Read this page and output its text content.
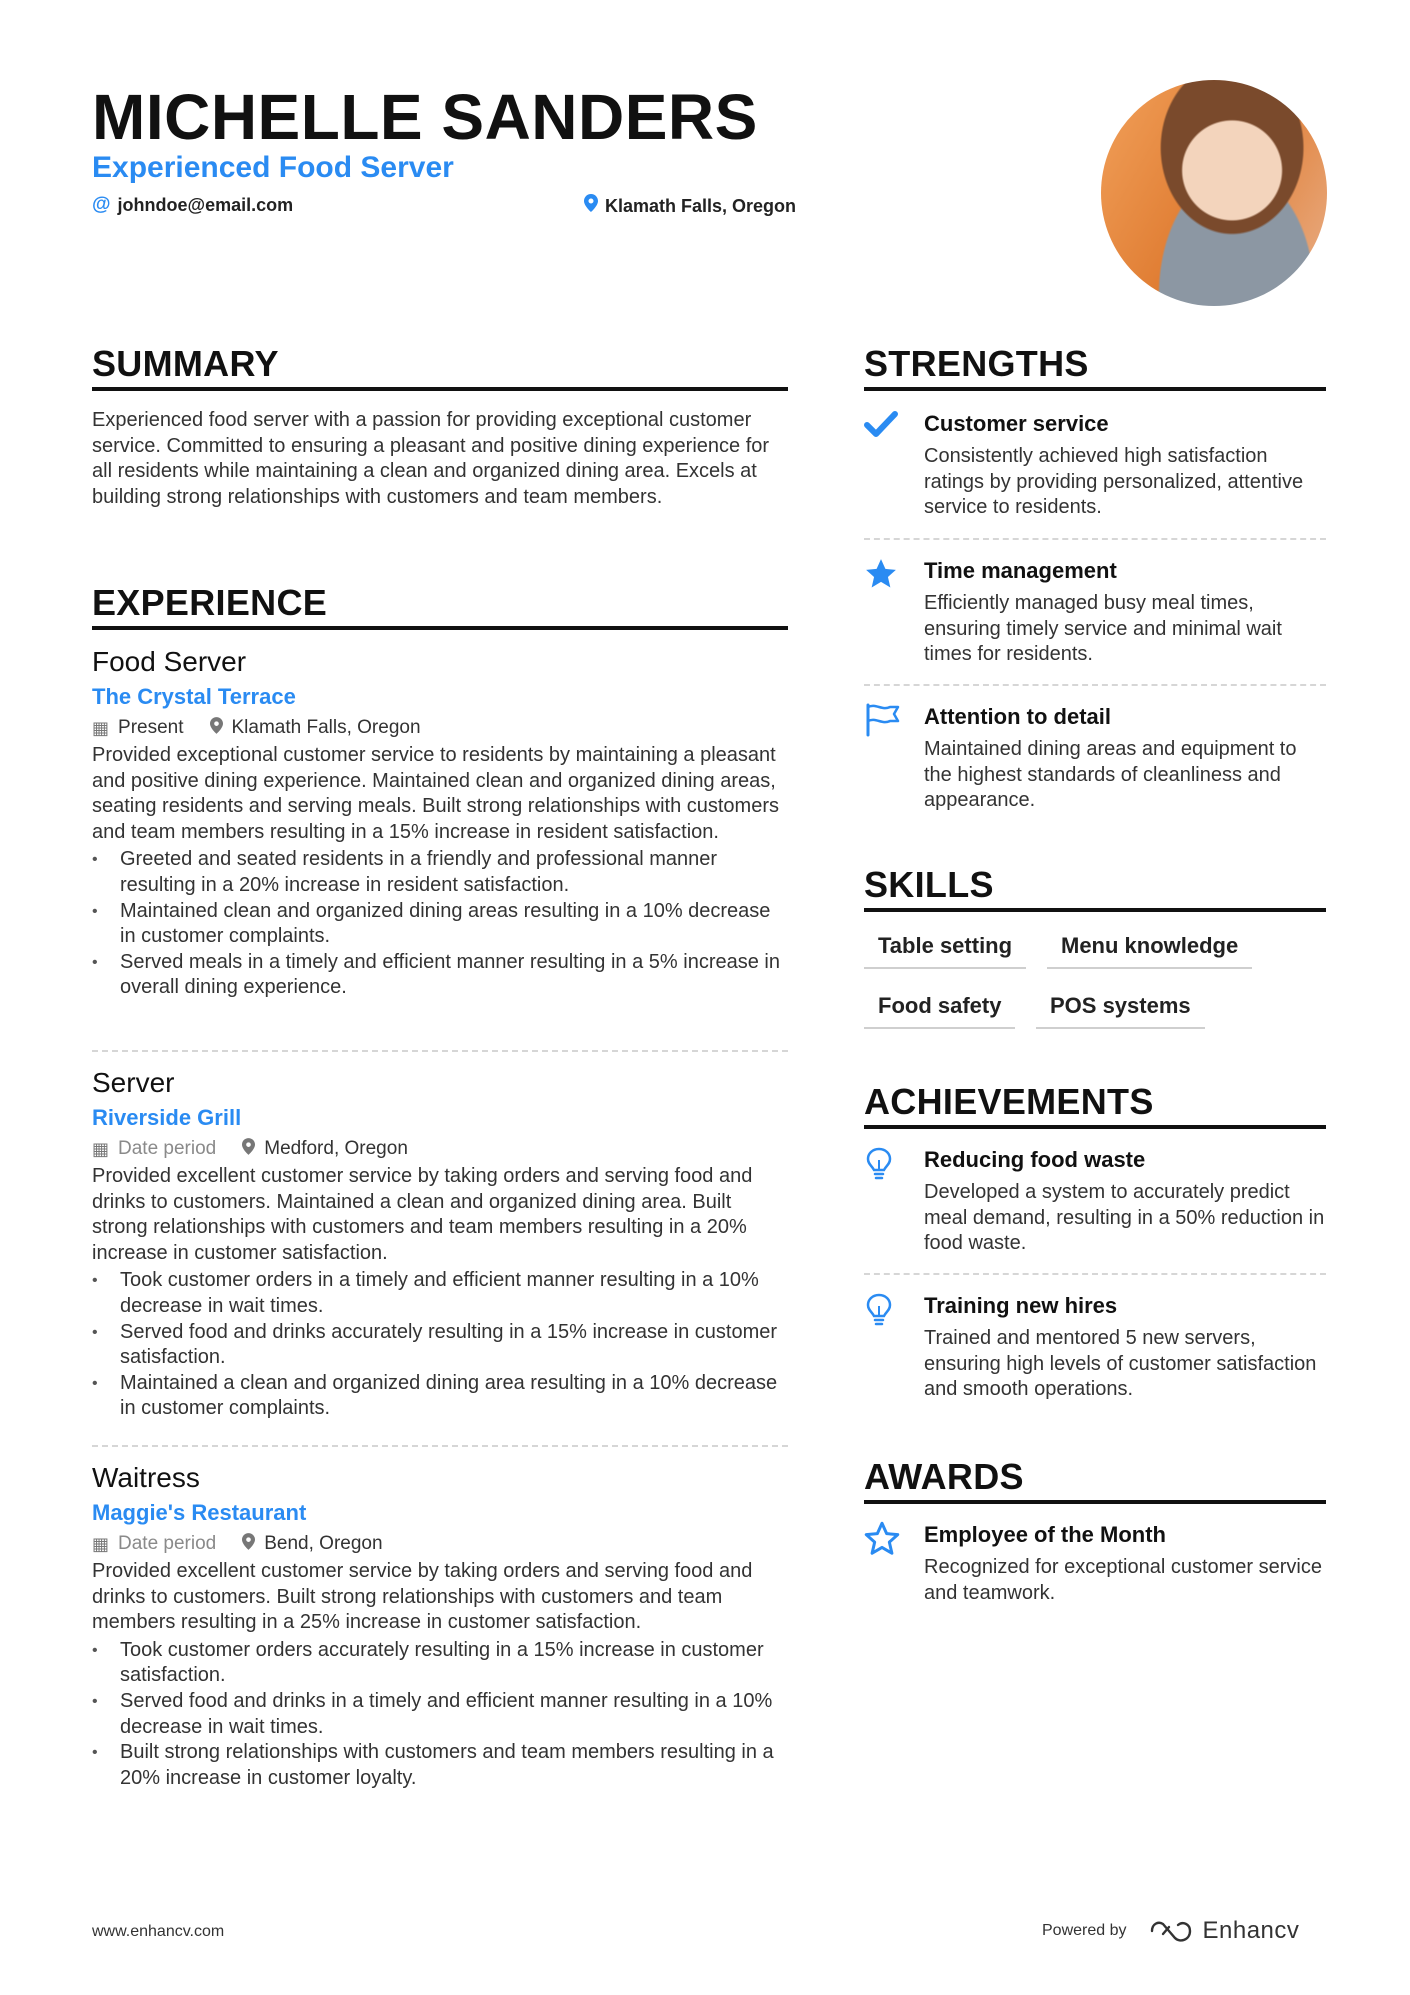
MICHELLE SANDERS
Experienced Food Server
@ johndoe@email.com	Klamath Falls, Oregon
SUMMARY
Experienced food server with a passion for providing exceptional customer service. Committed to ensuring a pleasant and positive dining experience for all residents while maintaining a clean and organized dining area. Excels at building strong relationships with customers and team members.
EXPERIENCE
Food Server
The Crystal Terrace
▦ Present	Klamath Falls, Oregon
Provided exceptional customer service to residents by maintaining a pleasant and positive dining experience. Maintained clean and organized dining areas, seating residents and serving meals. Built strong relationships with customers and team members resulting in a 15% increase in resident satisfaction.
• Greeted and seated residents in a friendly and professional manner resulting in a 20% increase in resident satisfaction.
• Maintained clean and organized dining areas resulting in a 10% decrease in customer complaints.
• Served meals in a timely and efficient manner resulting in a 5% increase in overall dining experience.
Server
Riverside Grill
▦ Date period	Medford, Oregon
Provided excellent customer service by taking orders and serving food and drinks to customers. Maintained a clean and organized dining area. Built strong relationships with customers and team members resulting in a 20% increase in customer satisfaction.
• Took customer orders in a timely and efficient manner resulting in a 10% decrease in wait times.
• Served food and drinks accurately resulting in a 15% increase in customer satisfaction.
• Maintained a clean and organized dining area resulting in a 10% decrease in customer complaints.
Waitress
Maggie's Restaurant
▦ Date period	Bend, Oregon
Provided excellent customer service by taking orders and serving food and drinks to customers. Built strong relationships with customers and team members resulting in a 25% increase in customer satisfaction.
• Took customer orders accurately resulting in a 15% increase in customer satisfaction.
• Served food and drinks in a timely and efficient manner resulting in a 10% decrease in wait times.
• Built strong relationships with customers and team members resulting in a 20% increase in customer loyalty.
STRENGTHS
Customer service
Consistently achieved high satisfaction ratings by providing personalized, attentive service to residents.
Time management
Efficiently managed busy meal times, ensuring timely service and minimal wait times for residents.
Attention to detail
Maintained dining areas and equipment to the highest standards of cleanliness and appearance.
SKILLS
Table setting	Menu knowledge
Food safety	POS systems
ACHIEVEMENTS
Reducing food waste
Developed a system to accurately predict meal demand, resulting in a 50% reduction in food waste.
Training new hires
Trained and mentored 5 new servers, ensuring high levels of customer satisfaction and smooth operations.
AWARDS
Employee of the Month
Recognized for exceptional customer service and teamwork.
www.enhancv.com	Powered by	Enhancv
